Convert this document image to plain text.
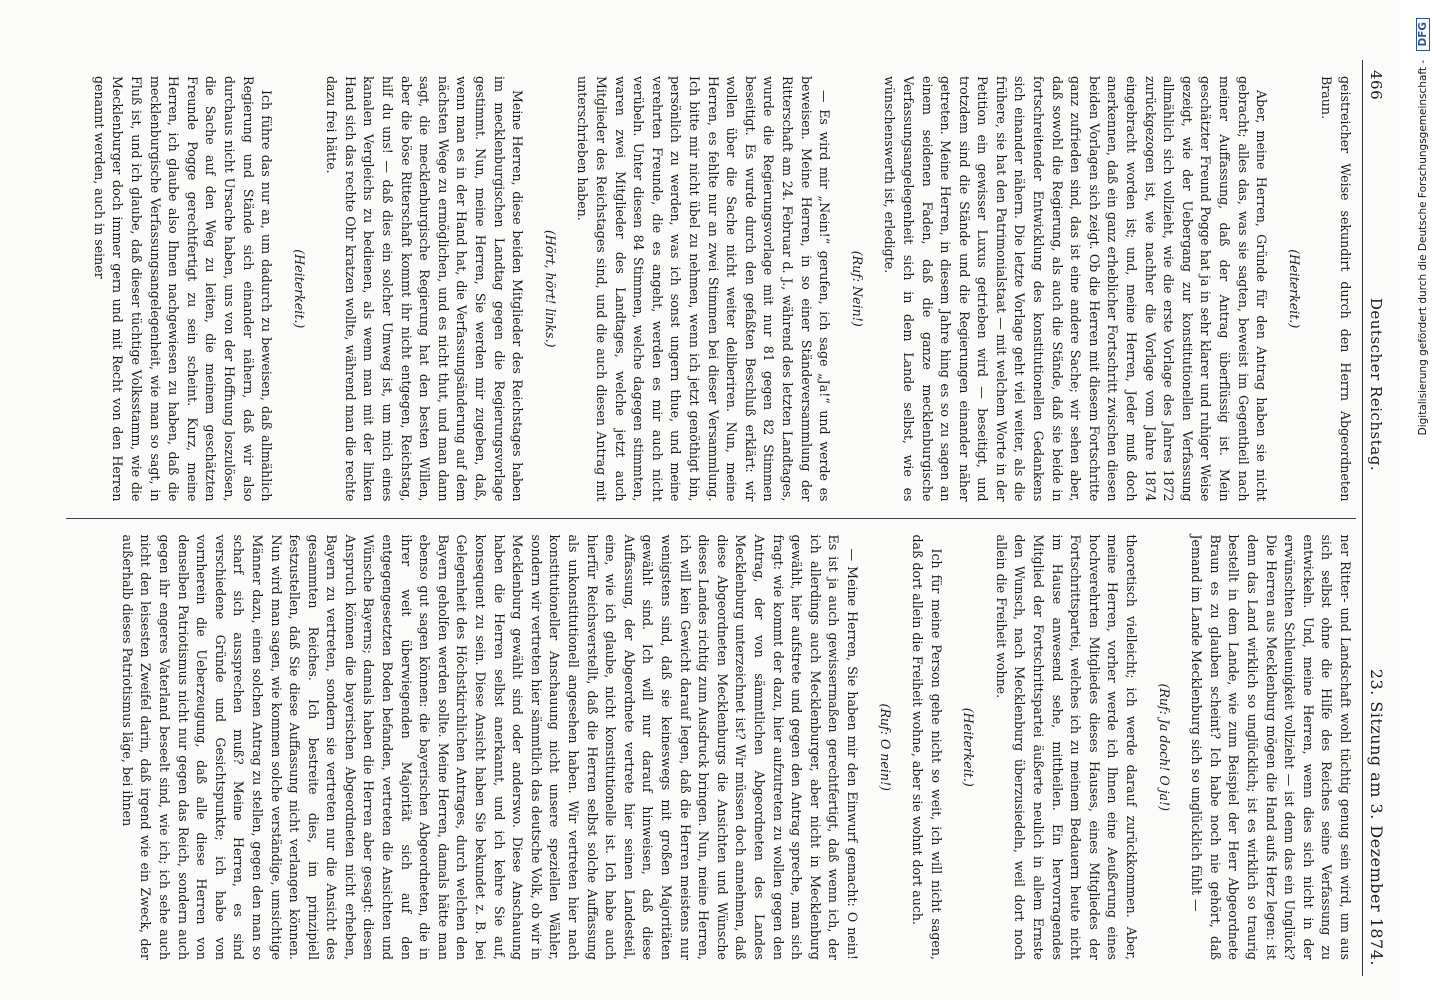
466
Deutscher Reichstag.
23. Sitzung am 3. Dezember 1874.

geistreicher Weise sekundirt durch den Herrn Abgeordneten Braun.

(Heiterkeit.)

Aber, meine Herren, Gründe für den Antrag haben sie nicht gebracht; alles das, was sie sagten, beweist im Gegentheil nach meiner Auffassung, daß der Antrag überflüssig ist. Mein geschätzter Freund Pogge hat ja in sehr klarer und ruhiger Weise gezeigt, wie der Uebergang zur konstitutionellen Verfassung allmählich sich vollzieht, wie die erste Vorlage des Jahres 1872 zurückgezogen ist, wie nachher die Vorlage vom Jahre 1874 eingebracht worden ist; und, meine Herren, Jeder muß doch anerkennen, daß ein ganz erheblicher Fortschritt zwischen diesen beiden Vorlagen sich zeigt. Ob die Herren mit diesem Fortschritte ganz zufrieden sind, das ist eine andere Sache; wir sehen aber, daß sowohl die Regierung, als auch die Stände, daß sie beide in fortschreitender Entwicklung des konstitutionellen Gedankens sich einander nähern. Die letzte Vorlage geht viel weiter, als die frühere, sie hat den Patrimonialstaat — mit welchem Worte in der Petition ein gewisser Luxus getrieben wird — beseitigt, und trotzdem sind die Stände und die Regierungen einander näher getreten. Meine Herren, in diesem Jahre hing es so zu sagen an einem seidenen Faden, daß die ganze mecklenburgische Verfassungsangelegenheit sich in dem Lande selbst, wie es wünschenswerth ist, erledigte.

(Ruf: Nein!)

— Es wird mir „Nein!“ gerufen, ich sage „Ja!“ und werde es beweisen. Meine Herren, in so einer Ständeversammlung der Ritterschaft am 24. Februar d. J., während des letzten Landtages, wurde die Regierungsvorlage mit nur 81 gegen 82 Stimmen beseitigt. Es wurde durch den gefaßten Beschluß erklärt: wir wollen über die Sache nicht weiter deliberiren. Nun, meine Herren, es fehlte nur an zwei Stimmen bei dieser Versammlung. Ich bitte mir nicht übel zu nehmen, wenn ich jetzt genöthigt bin, persönlich zu werden, was ich sonst ungern thue, und meine verehrten Freunde, die es angeht, werden es mir auch nicht verübeln. Unter diesen 84 Stimmen, welche dagegen stimmten, waren zwei Mitglieder des Landtages, welche jetzt auch Mitglieder des Reichstages sind, und die auch diesen Antrag mit unterschrieben haben.

(Hört, hört! links.)

Meine Herren, diese beiden Mitglieder des Reichstages haben im mecklenburgischen Landtag gegen die Regierungsvorlage gestimmt. Nun, meine Herren, Sie werden mir zugeben, daß, wenn man es in der Hand hat, die Verfassungsänderung auf dem nächsten Wege zu ermöglichen, und es nicht thut, und man dann sagt, die mecklenburgische Regierung hat den besten Willen, aber die böse Ritterschaft kommt ihr nicht entgegen, Reichstag, hilf du uns! — daß dies ein solcher Umweg ist, um mich eines kanalen Vergleichs zu bedienen, als wenn man mit der linken Hand sich das rechte Ohr kratzen wollte, während man die rechte dazu frei hätte.

(Heiterkeit.)

Ich führe das nur an, um dadurch zu beweisen, daß allmählich Regierung und Stände sich einander nähern, daß wir also durchaus nicht Ursache haben, uns von der Hoffnung loszulösen, die Sache auf den Weg zu leiten, die meinem geschätzten Freunde Pogge gerechtfertigt zu sein scheint. Kurz, meine Herren, ich glaube also Ihnen nachgewiesen zu haben, daß die mecklenburgische Verfassungsangelegenheit, wie man so sagt, in Fluß ist, und ich glaube, daß dieser tüchtige Volksstamm, wie die Mecklenburger doch immer gern und mit Recht von den Herren genannt werden, auch in seiner

ner Ritter- und Landschaft wohl tüchtig genug sein wird, um aus sich selbst ohne die Hilfe des Reiches seine Verfassung zu entwickeln. Und, meine Herren, wenn dies sich nicht in der erwünschten Schleunigkeit vollzieht — ist denn das ein Unglück? Die Herren aus Mecklenburg mögen die Hand aufs Herz legen: ist denn das Land wirklich so unglücklich; ist es wirklich so traurig bestellt in dem Lande, wie zum Beispiel der Herr Abgeordnete Braun es zu glauben scheint? Ich habe noch nie gehört, daß Jemand im Lande Mecklenburg sich so unglücklich fühlt —

(Ruf: Ja doch! O ja!)

theoretisch vielleicht; ich werde darauf zurückkommen. Aber, meine Herren, vorher werde ich Ihnen eine Aeußerung eines hochverehrten Mitgliedes dieses Hauses, eines Mitgliedes der Fortschrittspartei, welches ich zu meinem Bedauern heute nicht im Hause anwesend sehe, mittheilen. Ein hervorragendes Mitglied der Fortschrittspartei äußerte neulich in allem Ernste den Wunsch, nach Mecklenburg überzusiedeln, weil dort noch allein die Freiheit wohne.

(Heiterkeit.)

Ich für meine Person gehe nicht so weit, ich will nicht sagen, daß dort allein die Freiheit wohne, aber sie wohnt dort auch.

(Ruf: O nein!)

— Meine Herren, Sie haben mir den Einwurf gemacht: O nein! Es ist ja auch gewissermaßen gerechtfertigt, daß wenn ich, der ich allerdings auch Mecklenburger, aber nicht in Mecklenburg gewählt, hier aufstrete und gegen den Antrag spreche, man sich fragt: wie kommt der dazu, hier aufzutreten zu wollen gegen den Antrag, der von sämmtlichen Abgeordneten des Landes Mecklenburg unterzeichnet ist? Wir müssen doch annehmen, daß diese Abgeordneten Mecklenburgs die Ansichten und Wünsche dieses Landes richtig zum Ausdruck bringen. Nun, meine Herren, ich will kein Gewicht darauf legen, daß die Herren meistens nur wenigstens sind, daß sie keineswegs mit großen Majoritäten gewählt sind. Ich will nur darauf hinweisen, daß diese Auffassung, der Abgeordnete vertrete hier seinen Landesteil, eine, wie ich glaube, nicht konstitutionelle ist. Ich habe auch hierfür Reichsverstellt, daß die Herren selbst solche Auffassung als unkonstitutionell angesehen haben. Wir vertreten hier nach konstitutioneller Anschauung nicht unsere speziellen Wähler, sondern wir vertreten hier sämmtlich das deutsche Volk, ob wir in Mecklenburg gewählt sind oder anderswo. Diese Anschauung haben die Herren selbst anerkannt, und ich kehre Sie auf, konsequent zu sein. Diese Ansicht haben Sie bekundet z. B. bei Gelegenheit des Höchstkirchlichen Antrages, durch welchen den Bayern geholfen werden sollte. Meine Herren, damals hätte man ebenso gut sagen können: die bayerischen Abgeordneten, die in ihrer weit überwiegenden Majorität sich auf den entgegengesetzten Boden befanden, vertreten die Ansichten und Wünsche Bayerns; damals haben die Herren aber gesagt: diesen Anspruch können die bayerischen Abgeordneten nicht erheben, Bayern zu vertreten, sondern sie vertreten nur die Ansicht des gesammten Reiches. Ich bestreite dies, im prinzipiell festzustellen, daß Sie diese Auffassung nicht verlangen können. Nun wird man sagen, wie kommen solche verständige, umsichtige Männer dazu, einen solchen Antrag zu stellen, gegen den man so scharf sich aussprechen muß? Meine Herren, es sind verschiedene Gründe und Gesichtspunkte; ich habe von vornherein die Ueberzeugung, daß alle diese Herren von denselben Patriotismus nicht nur gegen das Reich, sondern auch gegen ihr engeres Vaterland beseelt sind, wie ich; ich sehe auch nicht den leisesten Zweifel darin, daß irgend wie ein Zweck, der außerhalb dieses Patriotismus läge, bei ihnen

Digitalisierung gefördert durch die Deutsche Forschungsgemeinschaft - DFG
